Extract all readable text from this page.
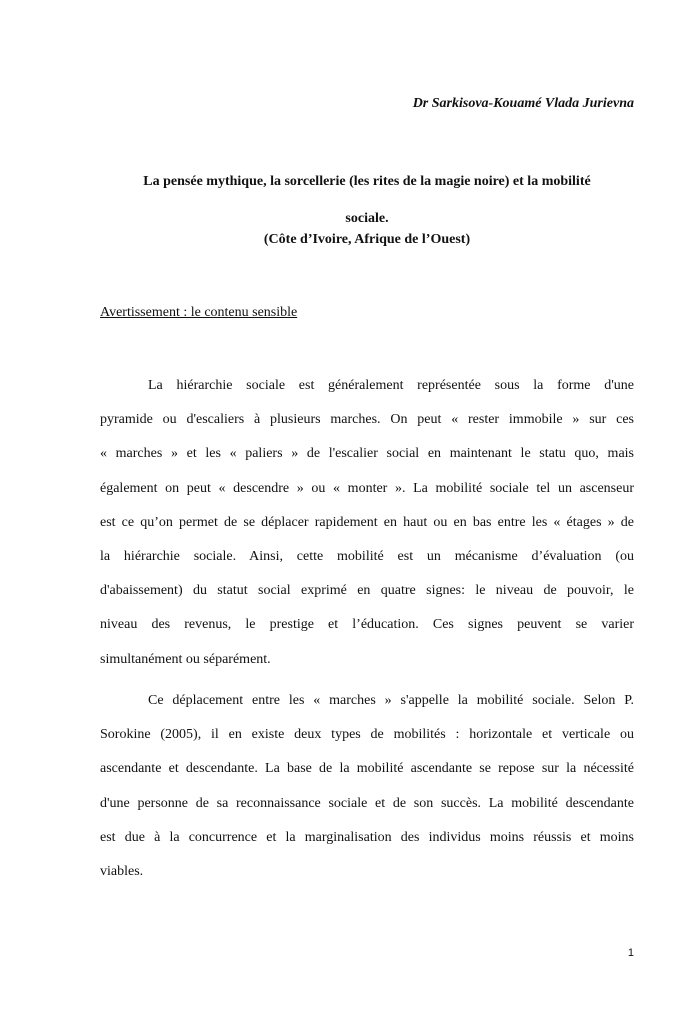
Dr Sarkisova-Kouamé Vlada Jurievna
La pensée mythique, la sorcellerie (les rites de la magie noire) et la mobilité
sociale.
(Côte d’Ivoire, Afrique de l’Ouest)
Avertissement : le contenu sensible
La hiérarchie sociale est généralement représentée sous la forme d'une
pyramide ou d'escaliers à plusieurs marches. On peut « rester immobile » sur ces
« marches » et les « paliers » de l'escalier social en maintenant le statu quo, mais
également on peut « descendre » ou « monter ». La mobilité sociale tel un ascenseur
est ce qu’on permet de se déplacer rapidement en haut ou en bas entre les « étages » de
la hiérarchie sociale. Ainsi, cette mobilité est un mécanisme d’évaluation (ou
d'abaissement) du statut social exprimé en quatre signes: le niveau de pouvoir, le
niveau des revenus, le prestige et l’éducation. Ces signes peuvent se varier
simultanément ou séparément.
Ce déplacement entre les « marches » s'appelle la mobilité sociale. Selon P.
Sorokine (2005), il en existe deux types de mobilités : horizontale et verticale ou
ascendante et descendante. La base de la mobilité ascendante se repose sur la nécessité
d'une personne de sa reconnaissance sociale et de son succès. La mobilité descendante
est due à la concurrence et la marginalisation des individus moins réussis et moins
viables.
1
